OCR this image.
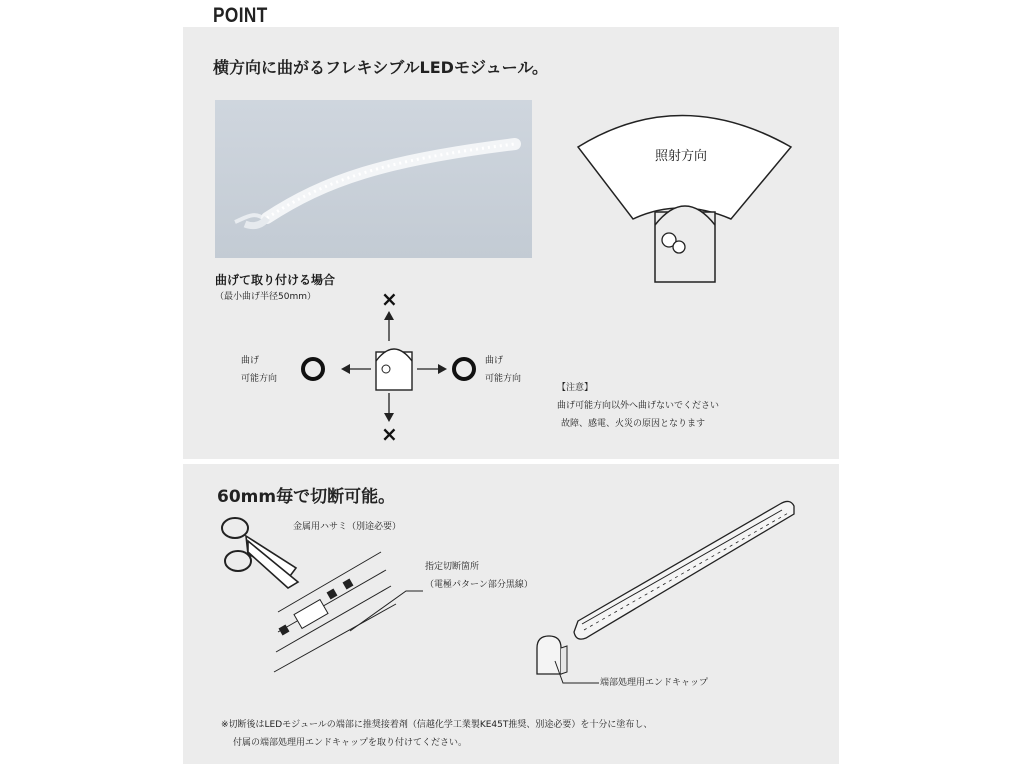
POINT
横方向に曲がるフレキシブルLEDモジュール。
照射方向
曲げて取り付ける場合
（最小曲げ半径50mm）	×
×
曲げ
可能方向
曲げ
可能方向
【注意】
曲げ可能方向以外へ曲げないでください
故障、感電、火災の原因となります
60mm毎で切断可能。
金属用ハサミ（別途必要）
指定切断箇所
（電極パターン部分黒線）
端部処理用エンドキャップ
※切断後はLEDモジュールの端部に推奨接着剤（信越化学工業製KE45T推奨、別途必要）を十分に塗布し、
付属の端部処理用エンドキャップを取り付けてください。
